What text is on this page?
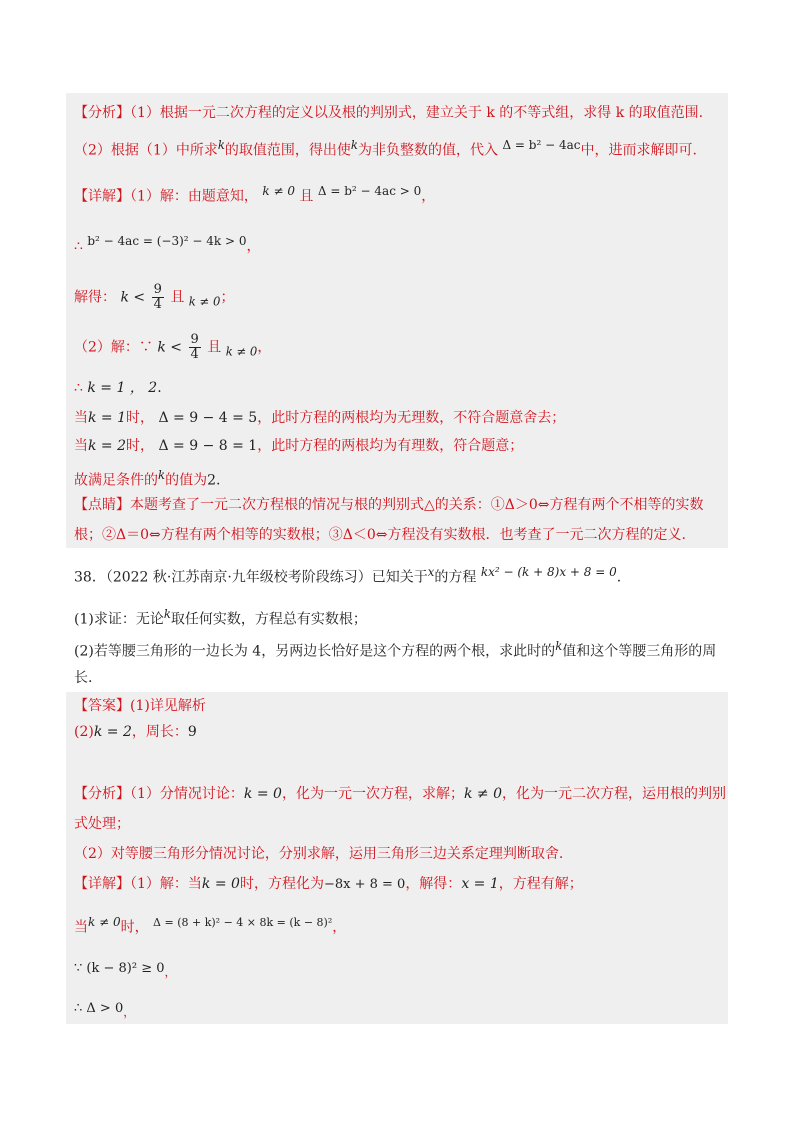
【分析】（1）根据一元二次方程的定义以及根的判别式，建立关于 k 的不等式组，求得 k 的取值范围.
（2）根据（1）中所求$^k$的取值范围，得出使$^k$为非负整数的值，代入 $^{\Delta = b^2 - 4ac}$中，进而求解即可.
【详解】（1）解：由题意知， $^{k \ne 0}$ 且 $^{\Delta = b^2 - 4ac > 0}$，
∴ $^{b^2 - 4ac = (-3)^2 - 4k > 0}$，
解得： $k < \frac{9}{4}$ 且 $_{k \ne 0}$；
（2）解：∵ $k < \frac{9}{4}$ 且 $_{k \ne 0}$，
∴ k = 1 ， 2.
当k = 1时， Δ = 9 − 4 = 5，此时方程的两根均为无理数，不符合题意舍去；
当k = 2时， Δ = 9 − 8 = 1，此时方程的两根均为有理数，符合题意；
故满足条件的$^k$的值为2.
【点睛】本题考查了一元二次方程根的情况与根的判别式△的关系：①Δ＞0⇔方程有两个不相等的实数
根；②Δ＝0⇔方程有两个相等的实数根；③Δ＜0⇔方程没有实数根．也考查了一元二次方程的定义.
38．（2022 秋·江苏南京·九年级校考阶段练习）已知关于$^x$的方程 $^{kx^2 - (k + 8)x + 8 = 0}$.
(1)求证：无论$^k$取任何实数，方程总有实数根；
(2)若等腰三角形的一边长为 4，另两边长恰好是这个方程的两个根，求此时的$^k$值和这个等腰三角形的周
长.
【答案】(1)详见解析
(2)k = 2，周长：9
【分析】（1）分情况讨论：k = 0，化为一元一次方程，求解；k ≠ 0，化为一元二次方程，运用根的判别
式处理；
（2）对等腰三角形分情况讨论，分别求解，运用三角形三边关系定理判断取舍.
【详解】（1）解：当k = 0时，方程化为−8x + 8 = 0，解得：x = 1，方程有解；
当$^{k \ne 0}$时， $^{\Delta = (8 + k)^2 - 4 \times 8k = (k - 8)^2}$，
∵ $(k - 8)^2 \ge 0_,$
∴ $\Delta > 0_,$
